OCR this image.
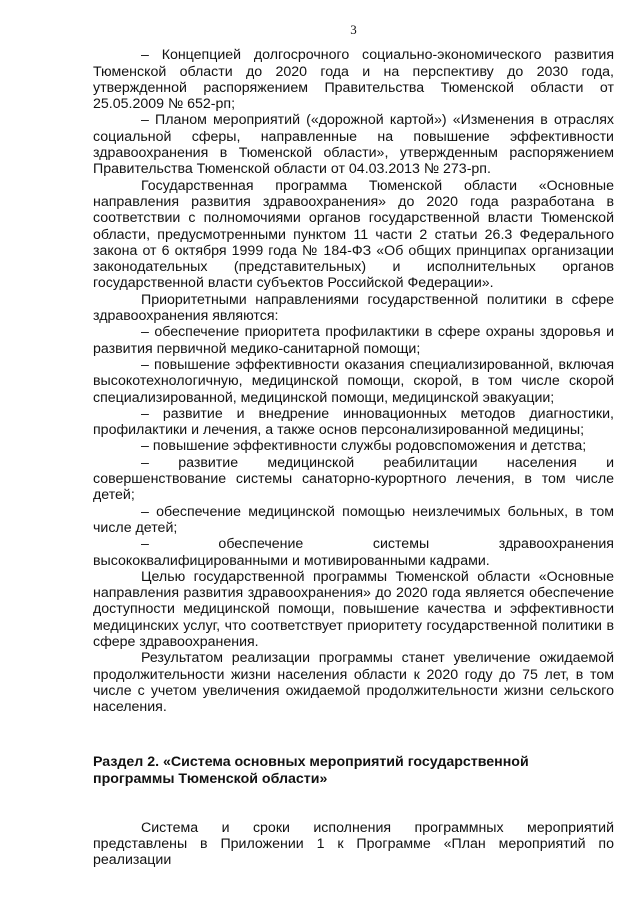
3

– Концепцией долгосрочного социально-экономического развития Тюменской области до 2020 года и на перспективу до 2030 года, утвержденной распоряжением Правительства Тюменской области от 25.05.2009 № 652-рп;

– Планом мероприятий («дорожной картой») «Изменения в отраслях социальной сферы, направленные на повышение эффективности здравоохранения в Тюменской области», утвержденным распоряжением Правительства Тюменской области от 04.03.2013 № 273-рп.

Государственная программа Тюменской области «Основные направления развития здравоохранения» до 2020 года разработана в соответствии с полномочиями органов государственной власти Тюменской области, предусмотренными пунктом 11 части 2 статьи 26.3 Федерального закона от 6 октября 1999 года № 184-ФЗ «Об общих принципах организации законодательных (представительных) и исполнительных органов государственной власти субъектов Российской Федерации».

Приоритетными направлениями государственной политики в сфере здравоохранения являются:

– обеспечение приоритета профилактики в сфере охраны здоровья и развития первичной медико-санитарной помощи;

– повышение эффективности оказания специализированной, включая высокотехнологичную, медицинской помощи, скорой, в том числе скорой специализированной, медицинской помощи, медицинской эвакуации;

– развитие и внедрение инновационных методов диагностики, профилактики и лечения, а также основ персонализированной медицины;

– повышение эффективности службы родовспоможения и детства;

– развитие медицинской реабилитации населения и совершенствование системы санаторно-курортного лечения, в том числе детей;

– обеспечение медицинской помощью неизлечимых больных, в том числе детей;

– обеспечение системы здравоохранения высококвалифицированными и мотивированными кадрами.

Целью государственной программы Тюменской области «Основные направления развития здравоохранения» до 2020 года является обеспечение доступности медицинской помощи, повышение качества и эффективности медицинских услуг, что соответствует приоритету государственной политики в сфере здравоохранения.

Результатом реализации программы станет увеличение ожидаемой продолжительности жизни населения области к 2020 году до 75 лет, в том числе с учетом увеличения ожидаемой продолжительности жизни сельского населения.

Раздел 2. «Система основных мероприятий государственной программы Тюменской области»

Система и сроки исполнения программных мероприятий представлены в Приложении 1 к Программе «План мероприятий по реализации
